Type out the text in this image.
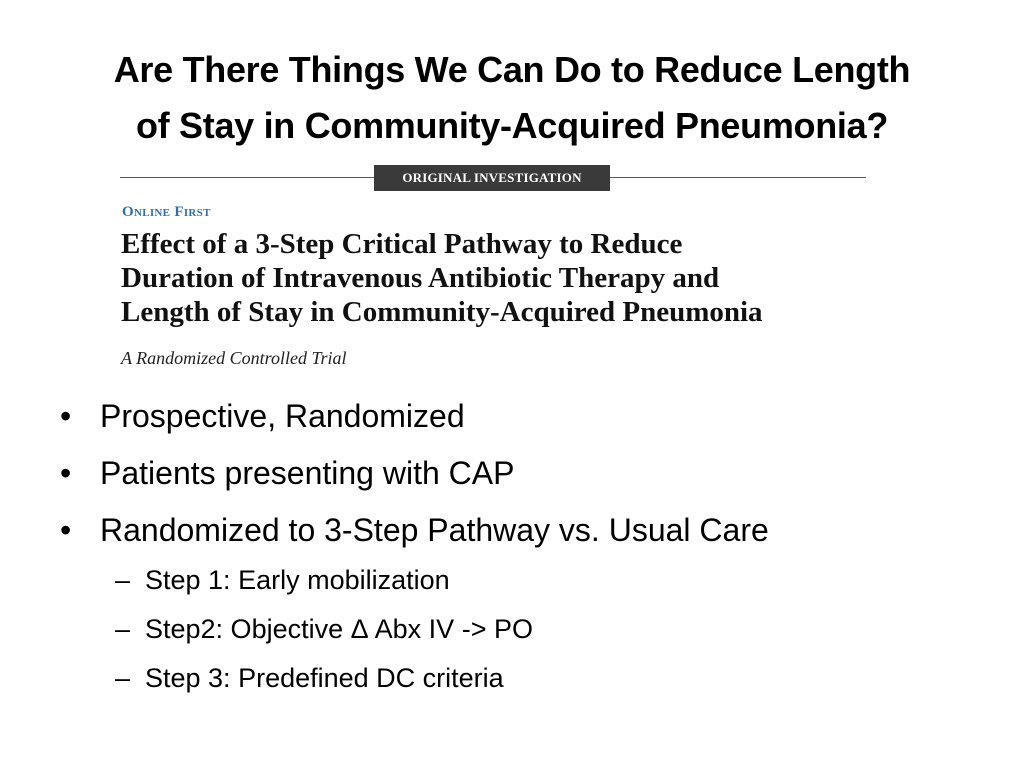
Are There Things We Can Do to Reduce Length
of Stay in Community-Acquired Pneumonia?
ORIGINAL INVESTIGATION
Online First
Effect of a 3-Step Critical Pathway to Reduce
Duration of Intravenous Antibiotic Therapy and
Length of Stay in Community-Acquired Pneumonia
A Randomized Controlled Trial
• Prospective, Randomized
• Patients presenting with CAP
• Randomized to 3-Step Pathway vs. Usual Care
– Step 1: Early mobilization
– Step2: Objective Δ Abx IV -> PO
– Step 3: Predefined DC criteria
